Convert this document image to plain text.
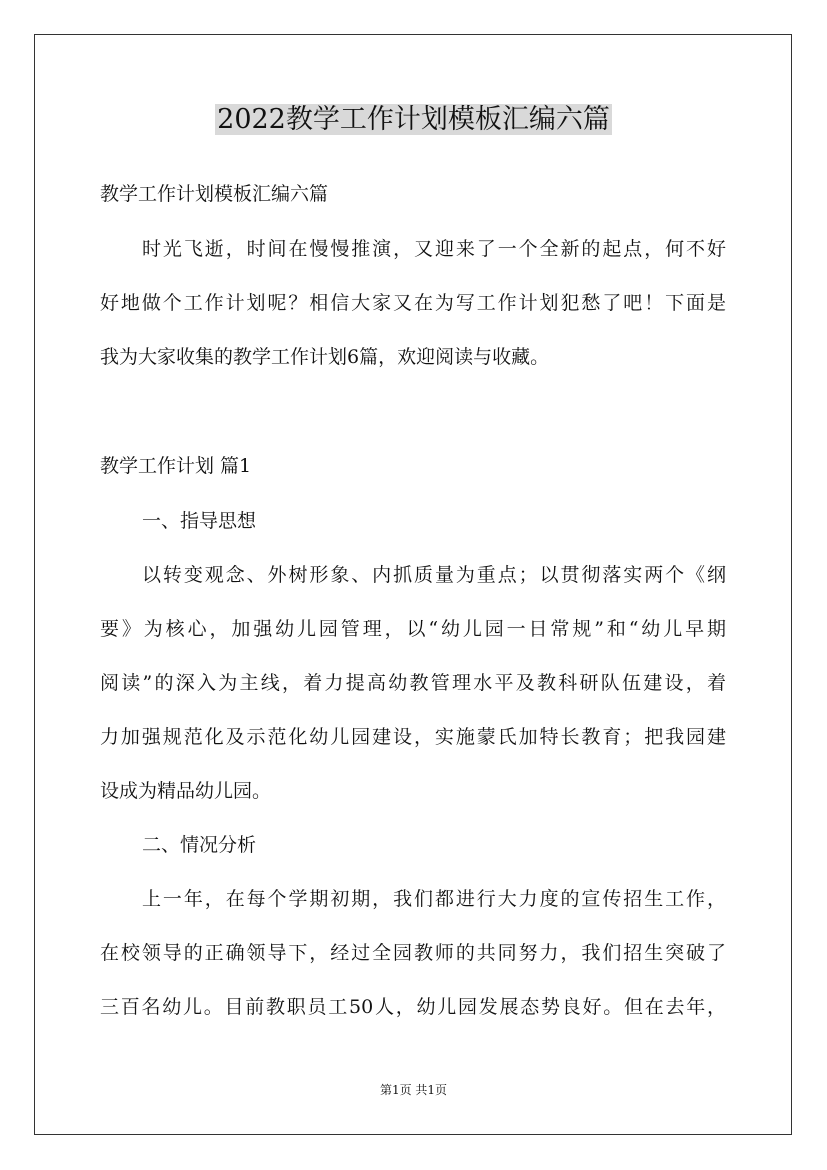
2022教学工作计划模板汇编六篇

教学工作计划模板汇编六篇

时光飞逝，时间在慢慢推演，又迎来了一个全新的起点，何不好

好地做个工作计划呢？相信大家又在为写工作计划犯愁了吧！下面是

我为大家收集的教学工作计划6篇，欢迎阅读与收藏。

教学工作计划 篇1

一、指导思想

以转变观念、外树形象、内抓质量为重点；以贯彻落实两个《纲

要》为核心，加强幼儿园管理，以“幼儿园一日常规”和“幼儿早期

阅读”的深入为主线，着力提高幼教管理水平及教科研队伍建设，着

力加强规范化及示范化幼儿园建设，实施蒙氏加特长教育；把我园建

设成为精品幼儿园。

二、情况分析

上一年，在每个学期初期，我们都进行大力度的宣传招生工作，

在校领导的正确领导下，经过全园教师的共同努力，我们招生突破了

三百名幼儿。目前教职员工50人，幼儿园发展态势良好。但在去年，

第1页 共1页
